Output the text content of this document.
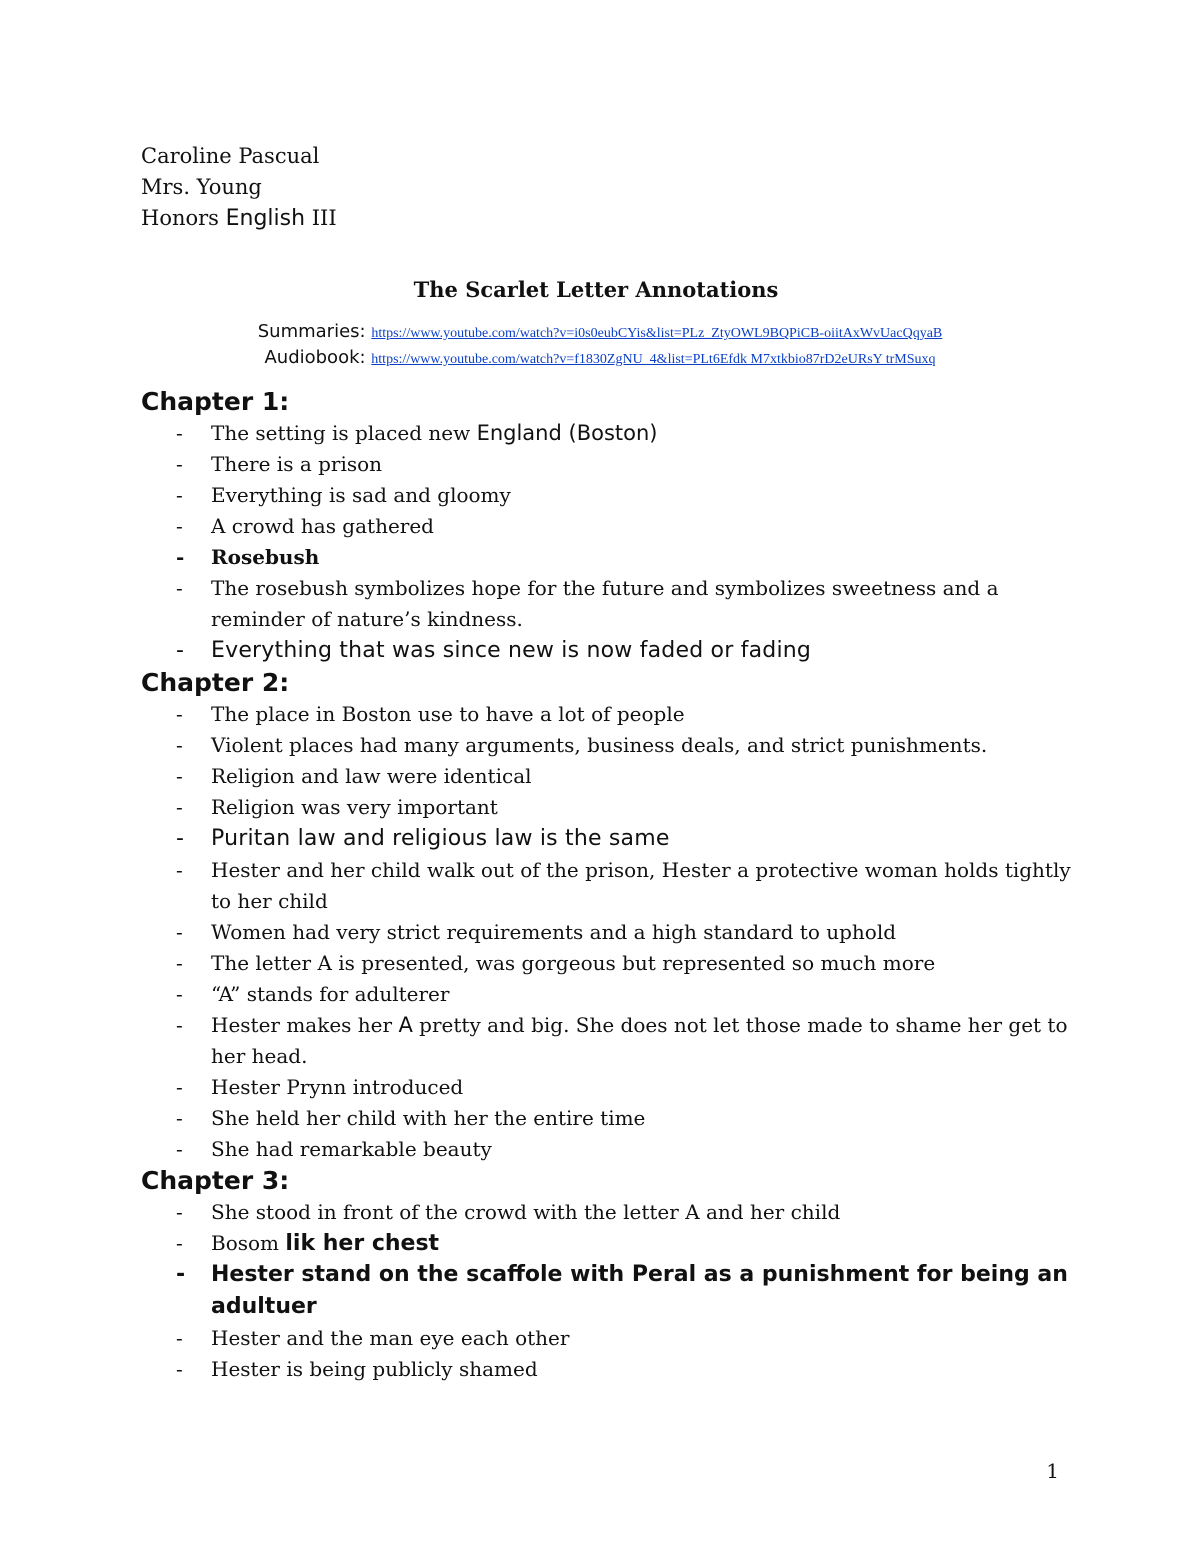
Caroline Pascual
Mrs. Young
Honors English III
The Scarlet Letter Annotations
Summaries: https://www.youtube.com/watch?v=i0s0eubCYis&list=PLz_ZtyOWL9BQPiCB-oiitAxWvUacQqyaB
Audiobook: https://www.youtube.com/watch?v=f1830ZgNU_4&list=PLt6Efdk M7xtkbio87rD2eURsY trMSuxq
Chapter 1:
- The setting is placed new England (Boston)
- There is a prison
- Everything is sad and gloomy
- A crowd has gathered
- Rosebush
- The rosebush symbolizes hope for the future and symbolizes sweetness and a reminder of nature’s kindness.
- Everything that was since new is now faded or fading
Chapter 2:
- The place in Boston use to have a lot of people
- Violent places had many arguments, business deals, and strict punishments.
- Religion and law were identical
- Religion was very important
- Puritan law and religious law is the same
- Hester and her child walk out of the prison, Hester a protective woman holds tightly to her child
- Women had very strict requirements and a high standard to uphold
- The letter A is presented, was gorgeous but represented so much more
- “A” stands for adulterer
- Hester makes her A pretty and big. She does not let those made to shame her get to her head.
- Hester Prynn introduced
- She held her child with her the entire time
- She had remarkable beauty
Chapter 3:
- She stood in front of the crowd with the letter A and her child
- Bosom lik her chest
- Hester stand on the scaffole with Peral as a punishment for being an adultuer
- Hester and the man eye each other
- Hester is being publicly shamed
1
